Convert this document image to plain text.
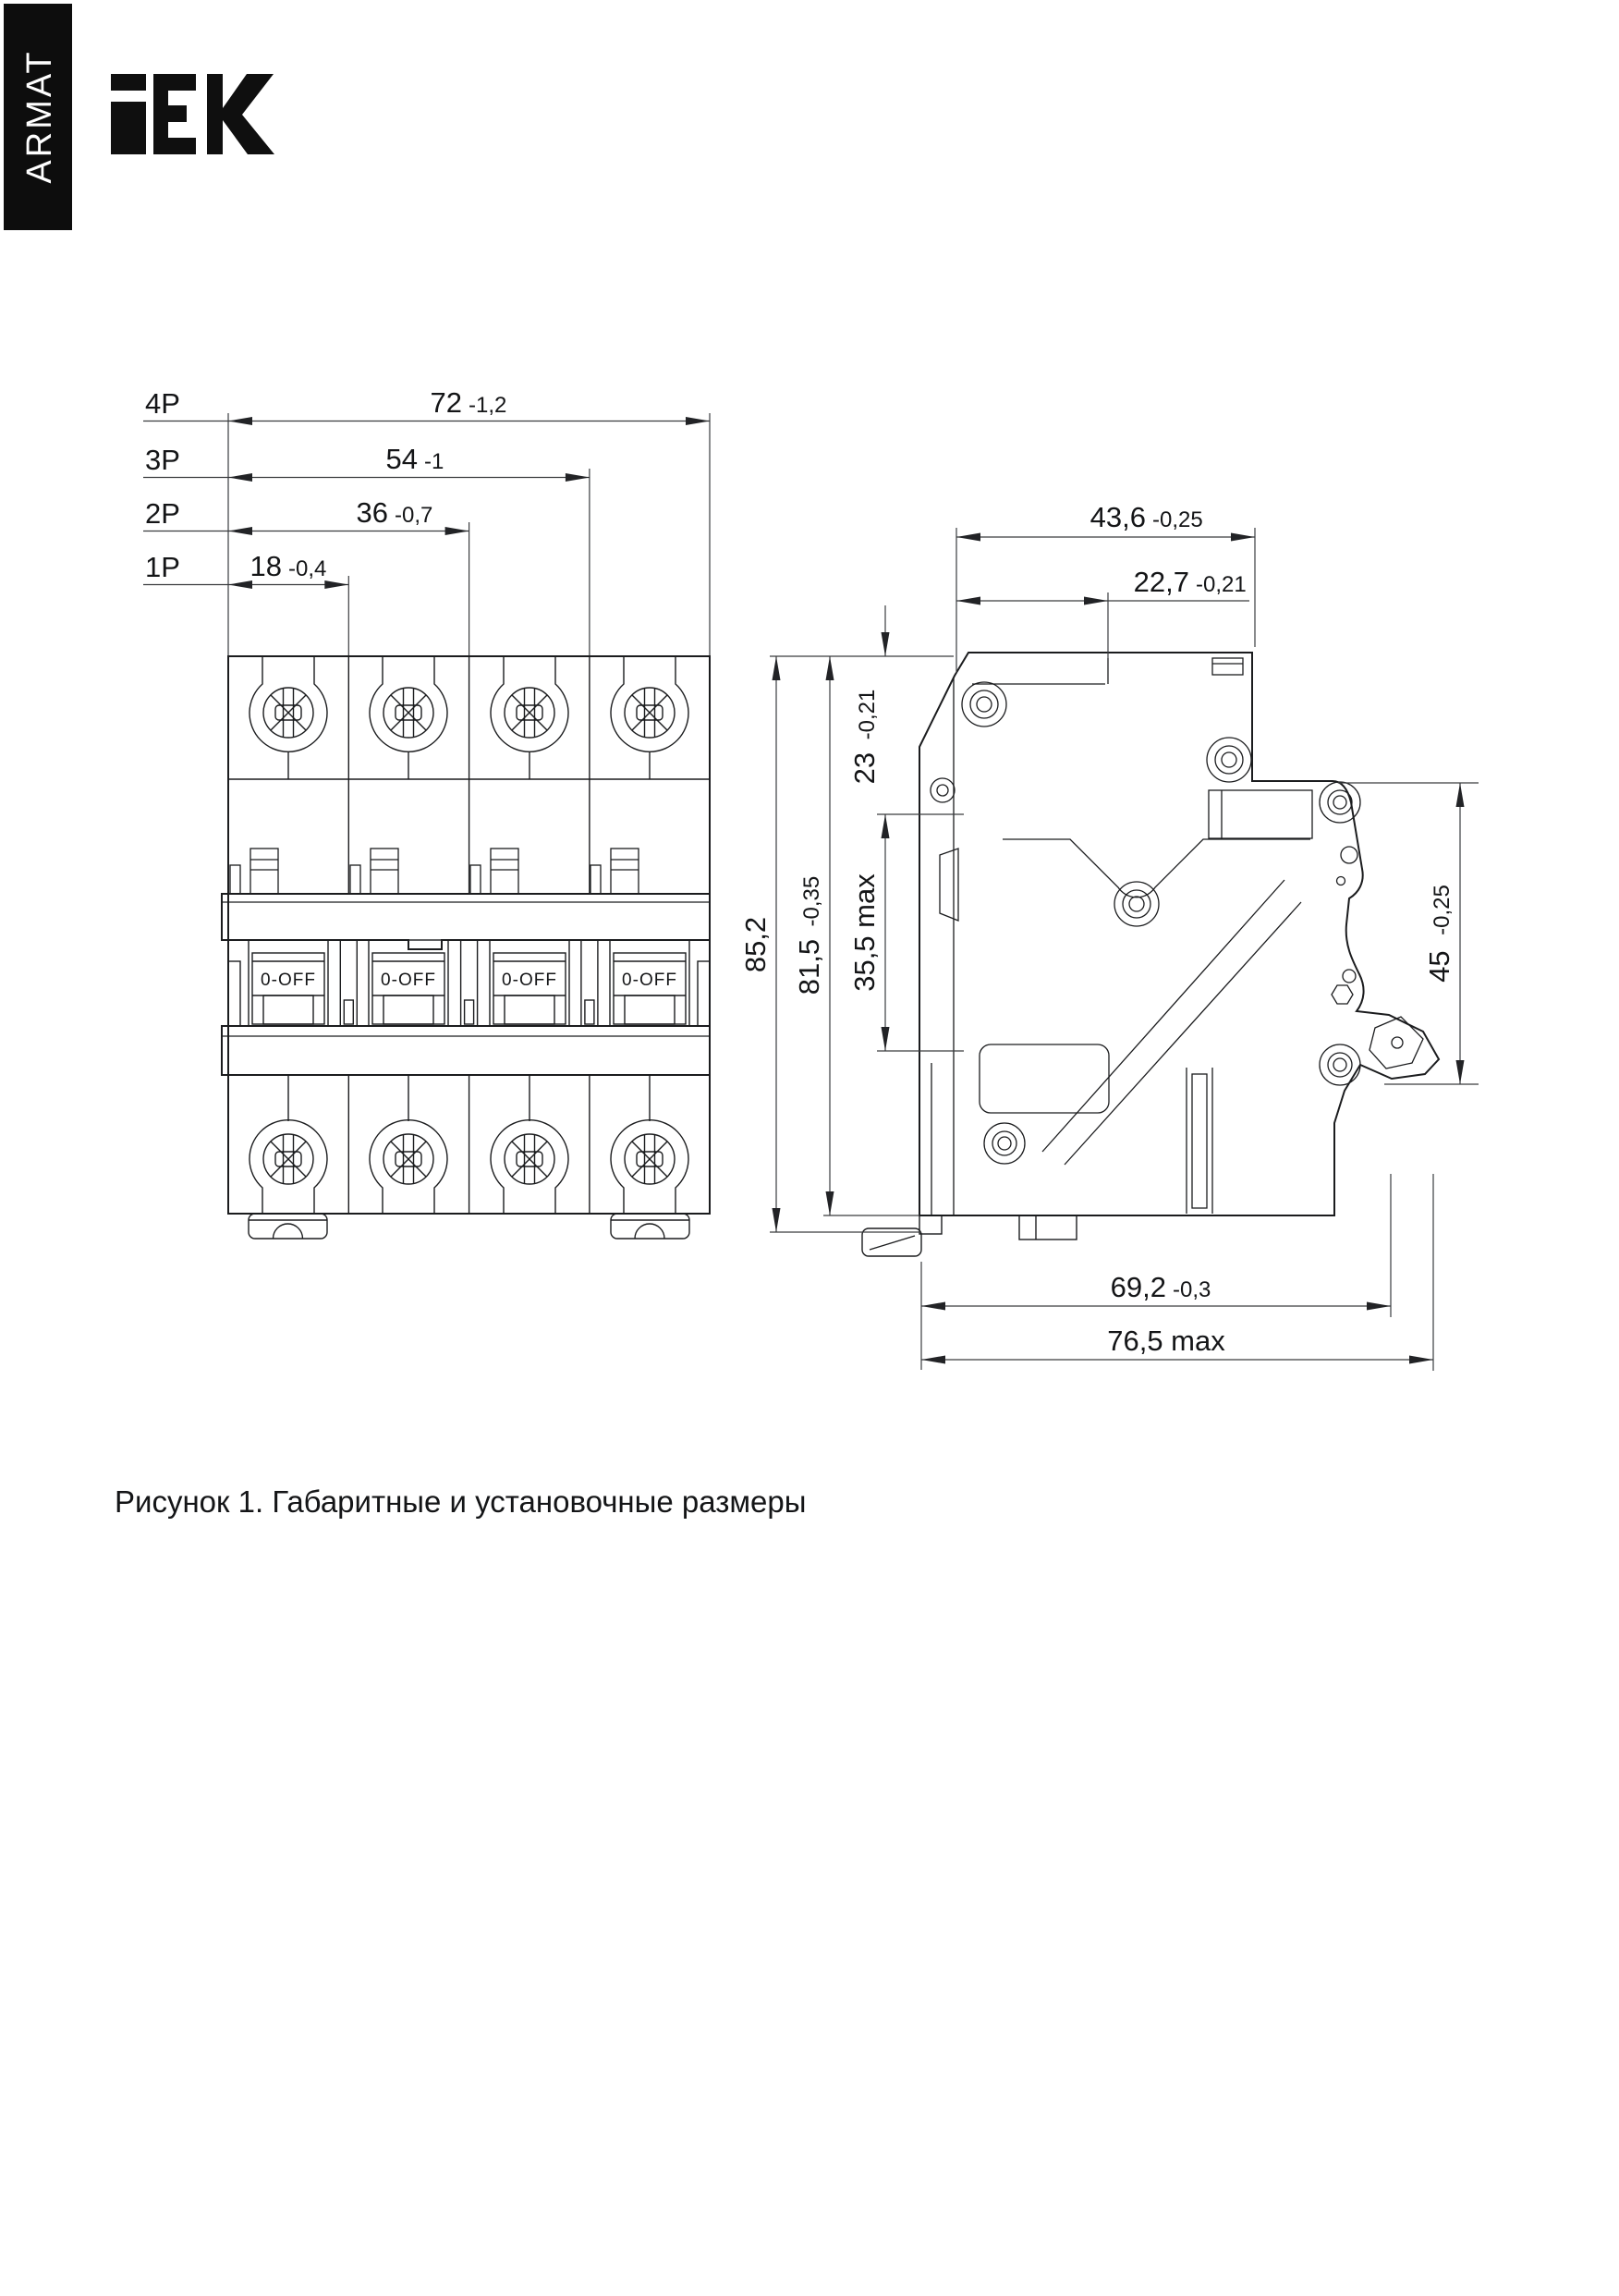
ARMAT
4P	72 -1,2
3P	54 -1
2P	36 -0,7
1P 18 -0,4
0-OFF	0-OFF	0-OFF	0-OFF
43,6 -0,25
22,7 -0,21
85,2 81,5 -0,35
23 -0,21
35,5 max	45 -0,25
69,2 -0,3
76,5 max
Рисунок 1. Габаритные и установочные размеры
